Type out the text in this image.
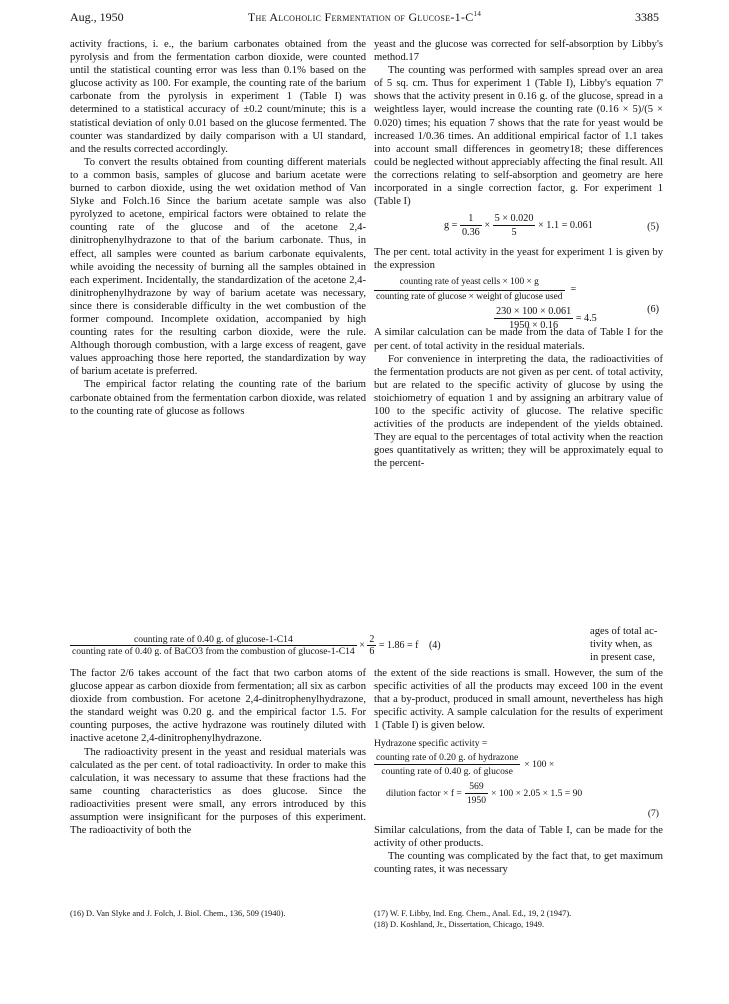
Aug., 1950	The Alcoholic Fermentation of Glucose-$1-C^{14}$	3385

activity fractions, i. e., the barium carbonates obtained from the pyrolysis and from the fermentation carbon dioxide, were counted until the statistical counting error was less than 0.1% based on the glucose activity as 100. For example, the counting rate of the barium carbonate from the pyrolysis in experiment 1 (Table I) was determined to a statistical accuracy of ±0.2 count/minute; this is a statistical deviation of only 0.01 based on the glucose fermented. The counter was standardized by daily comparison with a Ul standard, and the results corrected accordingly.

To convert the results obtained from counting different materials to a common basis, samples of glucose and barium acetate were burned to carbon dioxide, using the wet oxidation method of Van Slyke and Folch.16 Since the barium acetate sample was also pyrolyzed to acetone, empirical factors were obtained to relate the counting rate of the glucose and of the acetone 2,4-dinitrophenylhydrazone to that of the barium carbonate. Thus, in effect, all samples were counted as barium carbonate equivalents, while avoiding the necessity of burning all the samples obtained in each experiment. Incidentally, the standardization of the acetone 2,4-dinitrophenylhydrazone by way of barium acetate was necessary, since there is considerable difficulty in the wet combustion of the former compound. Incomplete oxidation, accompanied by high counting rates for the resulting carbon dioxide, were the rule. Although thorough combustion, with a large excess of reagent, gave values approaching those here reported, the standardization by way of barium acetate is preferred.

The empirical factor relating the counting rate of the barium carbonate obtained from the fermentation carbon dioxide, was related to the counting rate of glucose as follows

yeast and the glucose was corrected for self-absorption by Libby's method.17

The counting was performed with samples spread over an area of 5 sq. cm. Thus for experiment 1 (Table I), Libby's equation 7' shows that the activity present in 0.16 g. of the glucose, spread in a weightless layer, would increase the counting rate (0.16 × 5)/(5 × 0.020) times; his equation 7 shows that the rate for yeast would be increased 1/0.36 times. An additional empirical factor of 1.1 takes into account small differences in geometry18; these differences could be neglected without appreciably affecting the final result. All the corrections relating to self-absorption and geometry are here incorporated in a single correction factor, g. For experiment 1 (Table I)

$g = \frac{1}{0.36} \times \frac{5 \times 0.020}{5} \times 1.1 = 0.061$	(5)

The per cent. total activity in the yeast for experiment 1 is given by the expression

$\frac{\text{counting rate of yeast cells × 100 × g}}{\text{counting rate of glucose × weight of glucose used}}$ =
$\frac{230 \times 100 \times 0.061}{1950 \times 0.16} = 4.5$
(6)

A similar calculation can be made from the data of Table I for the per cent. of total activity in the residual materials.

For convenience in interpreting the data, the radioactivities of the fermentation products are not given as per cent. of total activity, but are related to the specific activity of glucose by using the stoichiometry of equation 1 and by assigning an arbitrary value of 100 to the specific activity of glucose. The relative specific activities of the products are independent of the yields obtained. They are equal to the percentages of total activity when the reaction goes quantitatively as written; they will be approximately equal to the percent-

counting rate of 0.40 g. of glucose-1-C14
counting rate of 0.40 g. of BaCO3 from the combustion of glucose-1-C14
× $\frac{2}{6} = 1.86 = f$ (4)
ages of total ac-
tivity when, as
in present case,

The factor 2/6 takes account of the fact that two carbon atoms of glucose appear as carbon dioxide from fermentation; all six as carbon dioxide from combustion. For acetone 2,4-dinitrophenylhydrazone, the standard weight was 0.20 g. and the empirical factor 1.5. For counting purposes, the active hydrazone was routinely diluted with inactive acetone 2,4-dinitrophenylhydrazone.

The radioactivity present in the yeast and residual materials was calculated as the per cent. of total radioactivity. In order to make this calculation, it was necessary to assume that these fractions had the same counting characteristics as does glucose. Since the radioactivities present were small, any errors introduced by this assumption were insignificant for the purposes of this experiment. The radioactivity of both the

the extent of the side reactions is small. However, the sum of the specific activities of all the products may exceed 100 in the event that a by-product, produced in small amount, nevertheless has high specific activity. A sample calculation for the results of experiment 1 (Table I) is given below.

Hydrazone specific activity =
$\frac{\text{counting rate of 0.20 g. of hydrazone}}{\text{counting rate of 0.40 g. of glucose}} \times 100$ ×
dilution factor × $f = \frac{569}{1950} \times 100 \times 2.05 \times 1.5 = 90$
(7)

Similar calculations, from the data of Table I, can be made for the activity of other products.

The counting was complicated by the fact that, to get maximum counting rates, it was necessary

(16) D. Van Slyke and J. Folch, J. Biol. Chem., 136, 509 (1940).	(17) W. F. Libby, Ind. Eng. Chem., Anal. Ed., 19, 2 (1947).
(18) D. Koshland, Jr., Dissertation, Chicago, 1949.
